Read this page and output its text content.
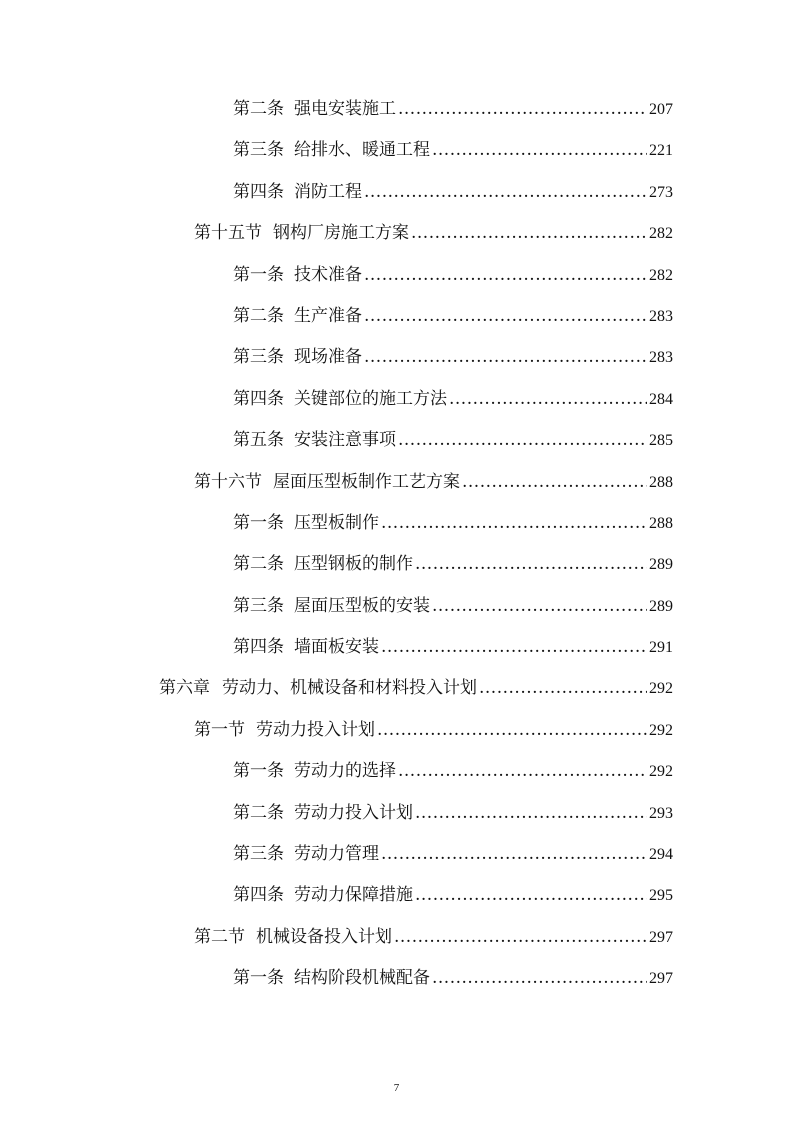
第二条 强电安装施工 .....	207
第三条 给排水、暖通工程 .....	221
第四条 消防工程 .....	273
第十五节 钢构厂房施工方案 .....	282
第一条 技术准备 .....	282
第二条 生产准备 .....	283
第三条 现场准备 .....	283
第四条 关键部位的施工方法 .....	284
第五条 安装注意事项 .....	285
第十六节 屋面压型板制作工艺方案 .....	288
第一条 压型板制作 .....	288
第二条 压型钢板的制作 .....	289
第三条 屋面压型板的安装 .....	289
第四条 墙面板安装 .....	291
第六章 劳动力、机械设备和材料投入计划 .....	292
第一节 劳动力投入计划 .....	292
第一条 劳动力的选择 .....	292
第二条 劳动力投入计划 .....	293
第三条 劳动力管理 .....	294
第四条 劳动力保障措施 .....	295
第二节 机械设备投入计划 .....	297
第一条 结构阶段机械配备 .....	297
7
